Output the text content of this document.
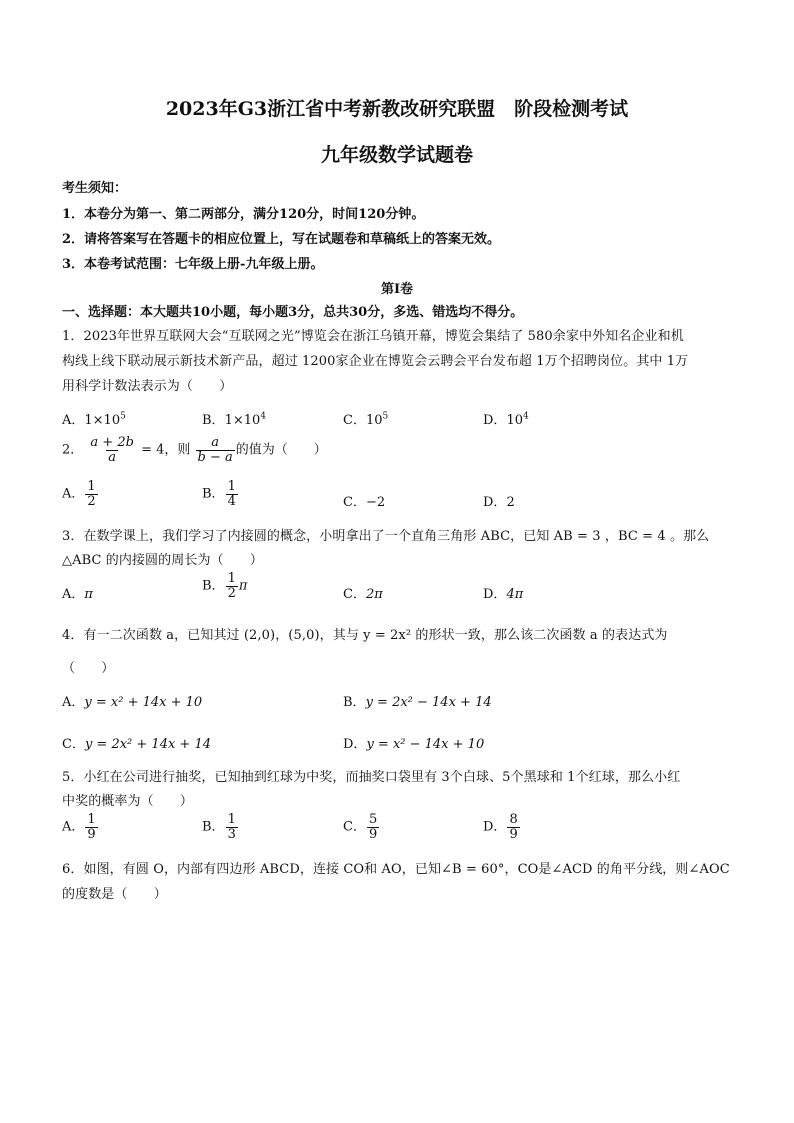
2023年G3浙江省中考新教改研究联盟　阶段检测考试
九年级数学试题卷
考生须知：
1．本卷分为第一、第二两部分，满分120分，时间120分钟。
2．请将答案写在答题卡的相应位置上，写在试题卷和草稿纸上的答案无效。
3．本卷考试范围：七年级上册-九年级上册。
第Ⅰ卷
一、选择题：本大题共10小题，每小题3分，总共30分，多选、错选均不得分。
1．2023年世界互联网大会“互联网之光”博览会在浙江乌镇开幕，博览会集结了 580余家中外知名企业和机
构线上线下联动展示新技术新产品，超过 1200家企业在博览会云聘会平台发布超 1万个招聘岗位。其中 1万
用科学计数法表示为（　　）
A．$1\times 10^5$	B．$1\times 10^4$	C．$10^5$	D．$10^4$
2． $\frac{a + 2b}{a} = 4$，则 $\frac{a}{b - a}$ 的值为（　　）
A． $\frac{1}{2}$	B． $\frac{1}{4}$	C．−2	D．2
3．在数学课上，我们学习了内接圆的概念，小明拿出了一个直角三角形 ABC，已知 AB = 3 ，BC = 4 。那么
△ABC 的内接圆的周长为（　　）
A．π
B． $\frac{1}{2}$ π
C．2π	D．4π
4．有一二次函数 a，已知其过 (2,0)，(5,0)，其与 y = 2x² 的形状一致，那么该二次函数 a 的表达式为
（　　）
A．y = x² + 14x + 10	B．y = 2x² − 14x + 14
C．y = 2x² + 14x + 14	D．y = x² − 14x + 10
5．小红在公司进行抽奖，已知抽到红球为中奖，而抽奖口袋里有 3个白球、5个黑球和 1个红球，那么小红
中奖的概率为（　　）
A． $\frac{1}{9}$	B． $\frac{1}{3}$	C． $\frac{5}{9}$	D． $\frac{8}{9}$
6．如图，有圆 O，内部有四边形 ABCD，连接 CO和 AO，已知∠B = 60°，CO是∠ACD 的角平分线，则∠AOC
的度数是（　　）
